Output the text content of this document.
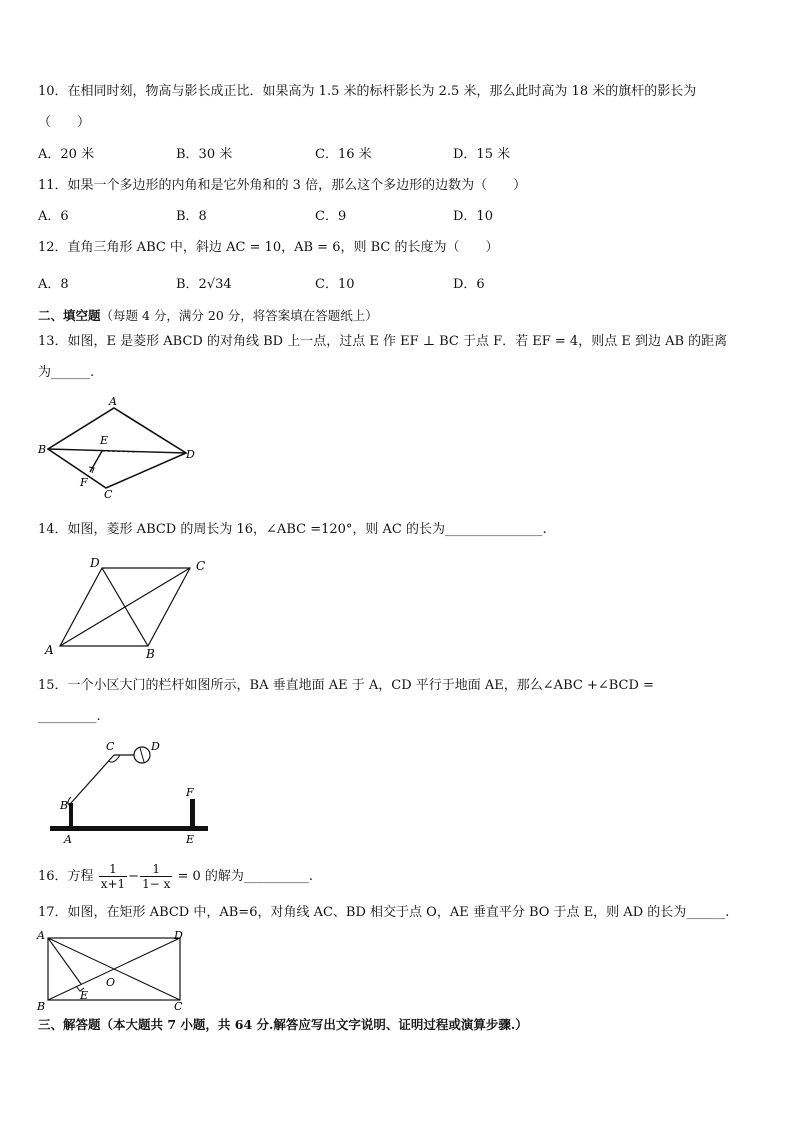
10．在相同时刻，物高与影长成正比．如果高为 1.5 米的标杆影长为 2.5 米，那么此时高为 18 米的旗杆的影长为
（　　）
A．20 米	B．30 米	C．16 米	D．15 米
11．如果一个多边形的内角和是它外角和的 3 倍，那么这个多边形的边数为（　　）
A．6	B．8	C．9	D．10
12．直角三角形 ABC 中，斜边 AC = 10，AB = 6，则 BC 的长度为（　　）
A．8	B．2√34	C．10	D．6
二、填空题（每题 4 分，满分 20 分，将答案填在答题纸上）
13．如图，E 是菱形 ABCD 的对角线 BD 上一点，过点 E 作 EF ⊥ BC 于点 F．若 EF = 4，则点 E 到边 AB 的距离
为______.
A
B
C
D
E
F
14．如图，菱形 ABCD 的周长为 16，∠ABC =120°，则 AC 的长为_______________.
A	B
C
D
15．一个小区大门的栏杆如图所示，BA 垂直地面 AE 于 A，CD 平行于地面 AE，那么∠ABC +∠BCD =
_________.
C	D
B
A
F
E
16．方程 $\frac{1}{x+1} - \frac{1}{1- x} = 0$ 的解为__________.
17．如图，在矩形 ABCD 中，AB=6，对角线 AC、BD 相交于点 O，AE 垂直平分 BO 于点 E，则 AD 的长为______.
A
B	C
D
E
O
三、解答题（本大题共 7 小题，共 64 分.解答应写出文字说明、证明过程或演算步骤.）
